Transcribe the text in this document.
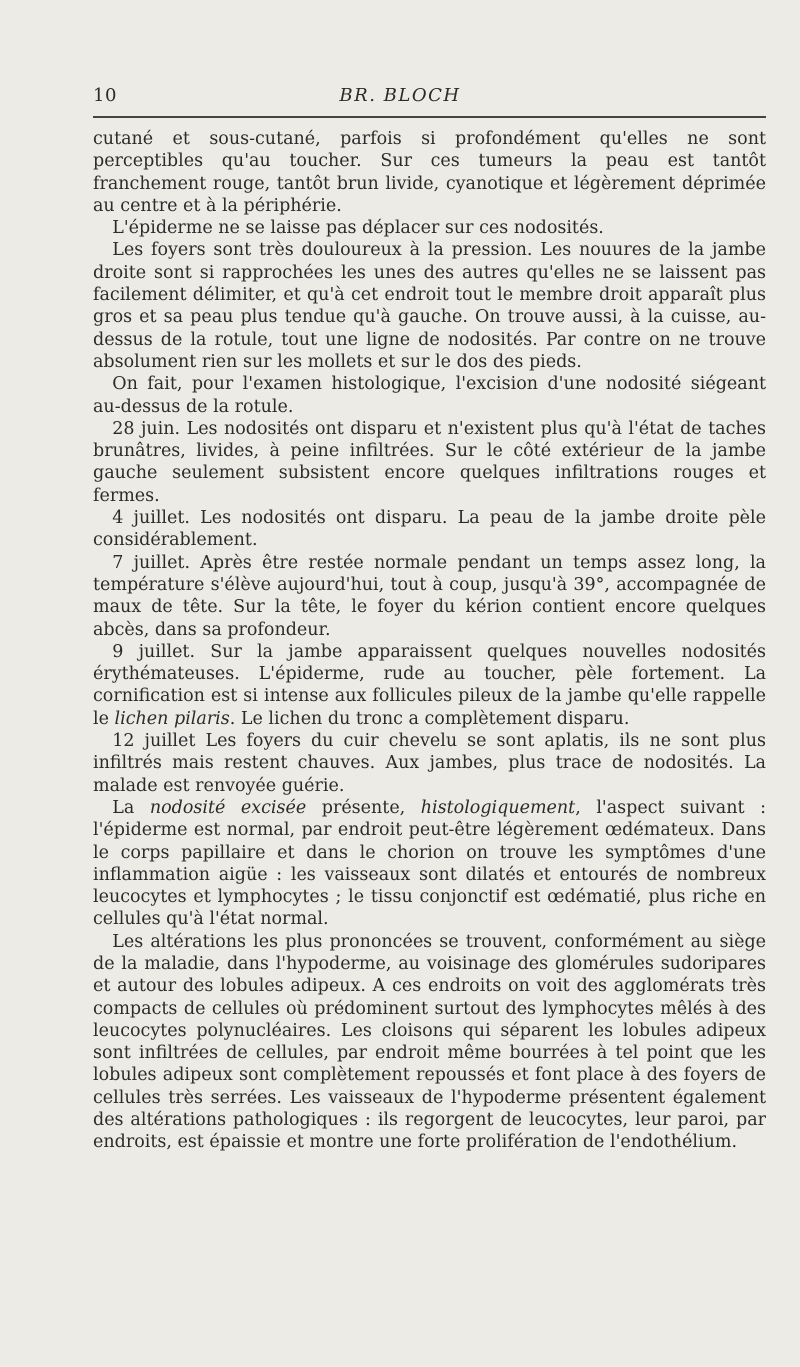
10	BR. BLOCH

cutané et sous-cutané, parfois si profondément qu'elles ne sont perceptibles qu'au toucher. Sur ces tumeurs la peau est tantôt franchement rouge, tantôt brun livide, cyanotique et légèrement déprimée au centre et à la périphérie.

L'épiderme ne se laisse pas déplacer sur ces nodosités.

Les foyers sont très douloureux à la pression. Les nouures de la jambe droite sont si rapprochées les unes des autres qu'elles ne se laissent pas facilement délimiter, et qu'à cet endroit tout le membre droit apparaît plus gros et sa peau plus tendue qu'à gauche. On trouve aussi, à la cuisse, au-dessus de la rotule, tout une ligne de nodosités. Par contre on ne trouve absolument rien sur les mollets et sur le dos des pieds.

On fait, pour l'examen histologique, l'excision d'une nodosité siégeant au-dessus de la rotule.

28 juin. Les nodosités ont disparu et n'existent plus qu'à l'état de taches brunâtres, livides, à peine infiltrées. Sur le côté extérieur de la jambe gauche seulement subsistent encore quelques infiltrations rouges et fermes.

4 juillet. Les nodosités ont disparu. La peau de la jambe droite pèle considérablement.

7 juillet. Après être restée normale pendant un temps assez long, la température s'élève aujourd'hui, tout à coup, jusqu'à 39°, accompagnée de maux de tête. Sur la tête, le foyer du kérion contient encore quelques abcès, dans sa profondeur.

9 juillet. Sur la jambe apparaissent quelques nouvelles nodosités érythémateuses. L'épiderme, rude au toucher, pèle fortement. La cornification est si intense aux follicules pileux de la jambe qu'elle rappelle le lichen pilaris. Le lichen du tronc a complètement disparu.

12 juillet Les foyers du cuir chevelu se sont aplatis, ils ne sont plus infiltrés mais restent chauves. Aux jambes, plus trace de nodosités. La malade est renvoyée guérie.

La nodosité excisée présente, histologiquement, l'aspect suivant : l'épiderme est normal, par endroit peut-être légèrement œdémateux. Dans le corps papillaire et dans le chorion on trouve les symptômes d'une inflammation aigüe : les vaisseaux sont dilatés et entourés de nombreux leucocytes et lymphocytes ; le tissu conjonctif est œdématié, plus riche en cellules qu'à l'état normal.

Les altérations les plus prononcées se trouvent, conformément au siège de la maladie, dans l'hypoderme, au voisinage des glomérules sudoripares et autour des lobules adipeux. A ces endroits on voit des agglomérats très compacts de cellules où prédominent surtout des lymphocytes mêlés à des leucocytes polynucléaires. Les cloisons qui séparent les lobules adipeux sont infiltrées de cellules, par endroit même bourrées à tel point que les lobules adipeux sont complètement repoussés et font place à des foyers de cellules très serrées. Les vaisseaux de l'hypoderme présentent également des altérations pathologiques : ils regorgent de leucocytes, leur paroi, par endroits, est épaissie et montre une forte prolifération de l'endothélium.
